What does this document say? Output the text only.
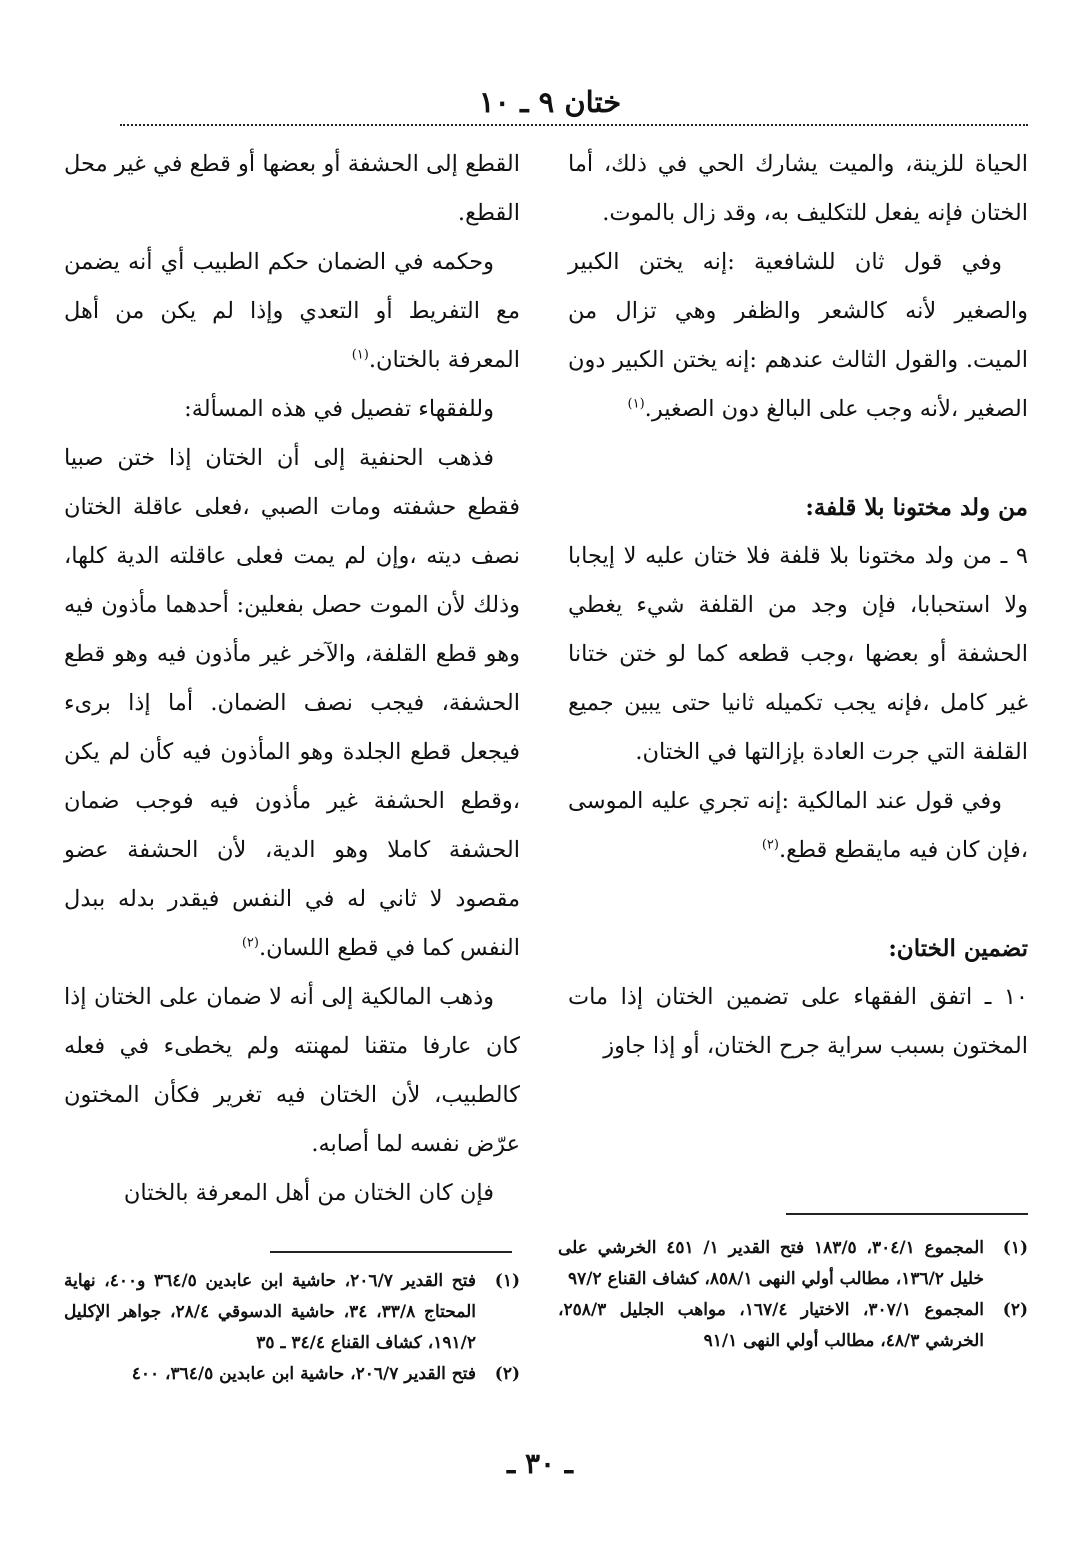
ختان ٩ ـ ١٠

الحياة للزينة، والميت يشارك الحي في ذلك، أما الختان فإنه يفعل للتكليف به، وقد زال بالموت.

وفي قول ثان للشافعية :إنه يختن الكبير والصغير لأنه كالشعر والظفر وهي تزال من الميت. والقول الثالث عندهم :إنه يختن الكبير دون الصغير ،لأنه وجب على البالغ دون الصغير.$^{(١)}$

من ولد مختونا بلا قلفة:

٩ ـ من ولد مختونا بلا قلفة فلا ختان عليه لا إيجابا ولا استحبابا، فإن وجد من القلفة شيء يغطي الحشفة أو بعضها ،وجب قطعه كما لو ختن ختانا غير كامل ،فإنه يجب تكميله ثانيا حتى يبين جميع القلفة التي جرت العادة بإزالتها في الختان.

وفي قول عند المالكية :إنه تجري عليه الموسى ،فإن كان فيه مايقطع قطع.$^{(٢)}$

تضمين الختان:

١٠ ـ اتفق الفقهاء على تضمين الختان إذا مات المختون بسبب سراية جرح الختان، أو إذا جاوز

القطع إلى الحشفة أو بعضها أو قطع في غير محل القطع.

وحكمه في الضمان حكم الطبيب أي أنه يضمن مع التفريط أو التعدي وإذا لم يكن من أهل المعرفة بالختان.$^{(١)}$

وللفقهاء تفصيل في هذه المسألة:

فذهب الحنفية إلى أن الختان إذا ختن صبيا فقطع حشفته ومات الصبي ،فعلى عاقلة الختان نصف ديته ،وإن لم يمت فعلى عاقلته الدية كلها، وذلك لأن الموت حصل بفعلين: أحدهما مأذون فيه وهو قطع القلفة، والآخر غير مأذون فيه وهو قطع الحشفة، فيجب نصف الضمان. أما إذا برىء فيجعل قطع الجلدة وهو المأذون فيه كأن لم يكن ،وقطع الحشفة غير مأذون فيه فوجب ضمان الحشفة كاملا وهو الدية، لأن الحشفة عضو مقصود لا ثاني له في النفس فيقدر بدله ببدل النفس كما في قطع اللسان.$^{(٢)}$

وذهب المالكية إلى أنه لا ضمان على الختان إذا كان عارفا متقنا لمهنته ولم يخطىء في فعله كالطبيب، لأن الختان فيه تغرير فكأن المختون عرّض نفسه لما أصابه.

فإن كان الختان من أهل المعرفة بالختان

(١)
المجموع ٣٠٤/١، ١٨٣/٥ فتح القدير ١/ ٤٥١ الخرشي على خليل ١٣٦/٢، مطالب أولي النهى ٨٥٨/١، كشاف القناع ٩٧/٢
(٢)
المجموع ٣٠٧/١، الاختيار ١٦٧/٤، مواهب الجليل ٢٥٨/٣، الخرشي ٤٨/٣، مطالب أولي النهى ٩١/١
(١)
فتح القدير ٢٠٦/٧، حاشية ابن عابدين ٣٦٤/٥ و٤٠٠، نهاية المحتاج ٣٣/٨، ٣٤، حاشية الدسوقي ٢٨/٤، جواهر الإكليل ١٩١/٢، كشاف القناع ٣٤/٤ ـ ٣٥
(٢)
فتح القدير ٢٠٦/٧، حاشية ابن عابدين ٣٦٤/٥، ٤٠٠
ـ ٣٠ ـ
